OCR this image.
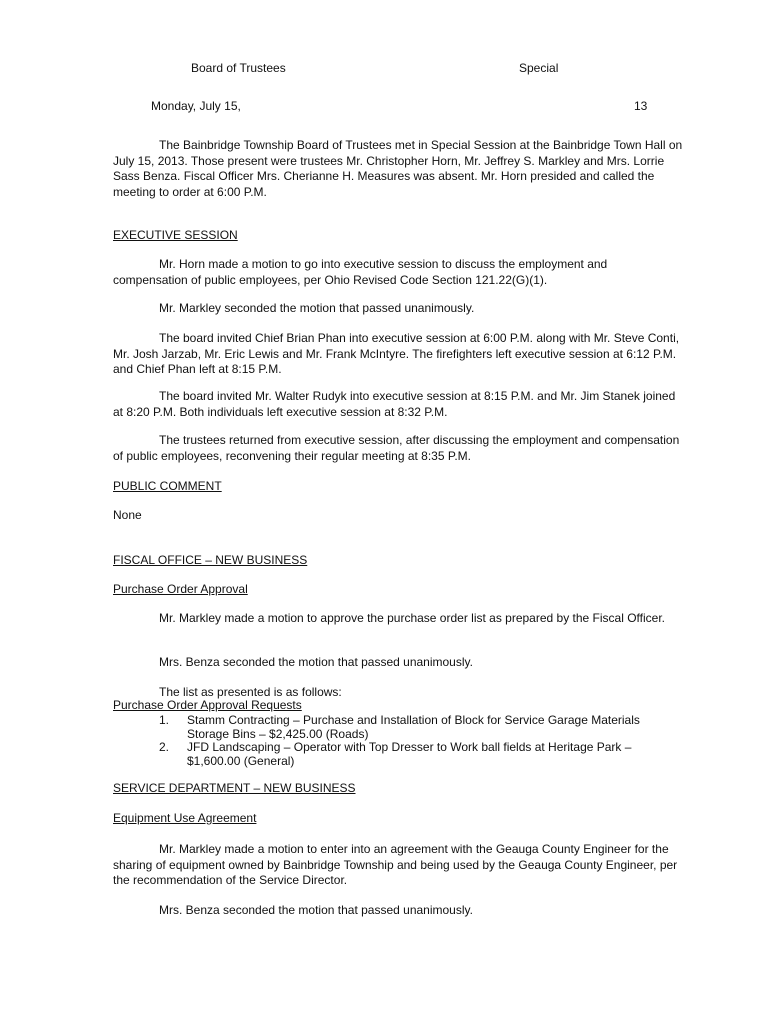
Board of Trustees	Special
Monday, July 15,	13

The Bainbridge Township Board of Trustees met in Special Session at the Bainbridge Town Hall on July 15, 2013. Those present were trustees Mr. Christopher Horn, Mr. Jeffrey S. Markley and Mrs. Lorrie Sass Benza. Fiscal Officer Mrs. Cherianne H. Measures was absent. Mr. Horn presided and called the meeting to order at 6:00 P.M.

EXECUTIVE SESSION

Mr. Horn made a motion to go into executive session to discuss the employment and compensation of public employees, per Ohio Revised Code Section 121.22(G)(1).

Mr. Markley seconded the motion that passed unanimously.

The board invited Chief Brian Phan into executive session at 6:00 P.M. along with Mr. Steve Conti, Mr. Josh Jarzab, Mr. Eric Lewis and Mr. Frank McIntyre. The firefighters left executive session at 6:12 P.M. and Chief Phan left at 8:15 P.M.

The board invited Mr. Walter Rudyk into executive session at 8:15 P.M. and Mr. Jim Stanek joined at 8:20 P.M. Both individuals left executive session at 8:32 P.M.

The trustees returned from executive session, after discussing the employment and compensation of public employees, reconvening their regular meeting at 8:35 P.M.

PUBLIC COMMENT
None
FISCAL OFFICE – NEW BUSINESS
Purchase Order Approval

Mr. Markley made a motion to approve the purchase order list as prepared by the Fiscal Officer.

Mrs. Benza seconded the motion that passed unanimously.

The list as presented is as follows:

Purchase Order Approval Requests
1. Stamm Contracting – Purchase and Installation of Block for Service Garage Materials Storage Bins – $2,425.00 (Roads)
2. JFD Landscaping – Operator with Top Dresser to Work ball fields at Heritage Park – $1,600.00 (General)
SERVICE DEPARTMENT – NEW BUSINESS
Equipment Use Agreement

Mr. Markley made a motion to enter into an agreement with the Geauga County Engineer for the sharing of equipment owned by Bainbridge Township and being used by the Geauga County Engineer, per the recommendation of the Service Director.

Mrs. Benza seconded the motion that passed unanimously.
